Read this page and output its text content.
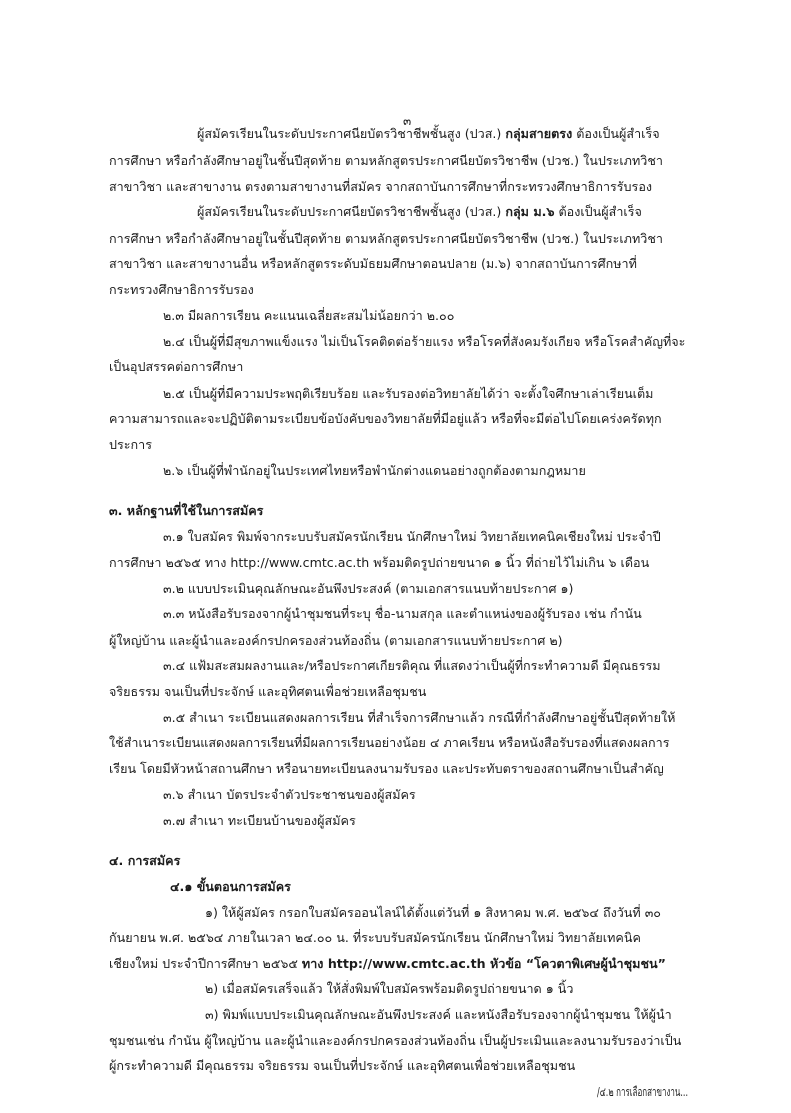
๓
ผู้สมัครเรียนในระดับประกาศนียบัตรวิชาชีพชั้นสูง (ปวส.) กลุ่มสายตรง ต้องเป็นผู้สำเร็จ
การศึกษา หรือกำลังศึกษาอยู่ในชั้นปีสุดท้าย ตามหลักสูตรประกาศนียบัตรวิชาชีพ (ปวช.) ในประเภทวิชา
สาขาวิชา และสาขางาน ตรงตามสาขางานที่สมัคร จากสถาบันการศึกษาที่กระทรวงศึกษาธิการรับรอง
ผู้สมัครเรียนในระดับประกาศนียบัตรวิชาชีพชั้นสูง (ปวส.) กลุ่ม ม.๖ ต้องเป็นผู้สำเร็จ
การศึกษา หรือกำลังศึกษาอยู่ในชั้นปีสุดท้าย ตามหลักสูตรประกาศนียบัตรวิชาชีพ (ปวช.) ในประเภทวิชา
สาขาวิชา และสาขางานอื่น หรือหลักสูตรระดับมัธยมศึกษาตอนปลาย (ม.๖) จากสถาบันการศึกษาที่
กระทรวงศึกษาธิการรับรอง
๒.๓ มีผลการเรียน คะแนนเฉลี่ยสะสมไม่น้อยกว่า ๒.๐๐
๒.๔ เป็นผู้ที่มีสุขภาพแข็งแรง ไม่เป็นโรคติดต่อร้ายแรง หรือโรคที่สังคมรังเกียจ หรือโรคสำคัญที่จะ
เป็นอุปสรรคต่อการศึกษา
๒.๕ เป็นผู้ที่มีความประพฤติเรียบร้อย และรับรองต่อวิทยาลัยได้ว่า จะตั้งใจศึกษาเล่าเรียนเต็ม
ความสามารถและจะปฏิบัติตามระเบียบข้อบังคับของวิทยาลัยที่มีอยู่แล้ว หรือที่จะมีต่อไปโดยเคร่งครัดทุก
ประการ
๒.๖ เป็นผู้ที่พำนักอยู่ในประเทศไทยหรือพำนักต่างแดนอย่างถูกต้องตามกฎหมาย
๓. หลักฐานที่ใช้ในการสมัคร
๓.๑ ใบสมัคร พิมพ์จากระบบรับสมัครนักเรียน นักศึกษาใหม่ วิทยาลัยเทคนิคเชียงใหม่ ประจำปี
การศึกษา ๒๕๖๕ ทาง http://www.cmtc.ac.th พร้อมติดรูปถ่ายขนาด ๑ นิ้ว ที่ถ่ายไว้ไม่เกิน ๖ เดือน
๓.๒ แบบประเมินคุณลักษณะอันพึงประสงค์ (ตามเอกสารแนบท้ายประกาศ ๑)
๓.๓ หนังสือรับรองจากผู้นำชุมชนที่ระบุ ชื่อ-นามสกุล และตำแหน่งของผู้รับรอง เช่น กำนัน
ผู้ใหญ่บ้าน และผู้นำและองค์กรปกครองส่วนท้องถิ่น (ตามเอกสารแนบท้ายประกาศ ๒)
๓.๔ แฟ้มสะสมผลงานและ/หรือประกาศเกียรติคุณ ที่แสดงว่าเป็นผู้ที่กระทำความดี มีคุณธรรม
จริยธรรม จนเป็นที่ประจักษ์ และอุทิศตนเพื่อช่วยเหลือชุมชน
๓.๕ สำเนา ระเบียนแสดงผลการเรียน ที่สำเร็จการศึกษาแล้ว กรณีที่กำลังศึกษาอยู่ชั้นปีสุดท้ายให้
ใช้สำเนาระเบียนแสดงผลการเรียนที่มีผลการเรียนอย่างน้อย ๔ ภาคเรียน หรือหนังสือรับรองที่แสดงผลการ
เรียน โดยมีหัวหน้าสถานศึกษา หรือนายทะเบียนลงนามรับรอง และประทับตราของสถานศึกษาเป็นสำคัญ
๓.๖ สำเนา บัตรประจำตัวประชาชนของผู้สมัคร
๓.๗ สำเนา ทะเบียนบ้านของผู้สมัคร
๔. การสมัคร
๔.๑ ขั้นตอนการสมัคร
๑) ให้ผู้สมัคร กรอกใบสมัครออนไลน์ได้ตั้งแต่วันที่ ๑ สิงหาคม พ.ศ. ๒๕๖๔ ถึงวันที่ ๓๐
กันยายน พ.ศ. ๒๕๖๔ ภายในเวลา ๒๔.๐๐ น. ที่ระบบรับสมัครนักเรียน นักศึกษาใหม่ วิทยาลัยเทคนิค
เชียงใหม่ ประจำปีการศึกษา ๒๕๖๕ ทาง http://www.cmtc.ac.th หัวข้อ “โควตาพิเศษผู้นำชุมชน”
๒) เมื่อสมัครเสร็จแล้ว ให้สั่งพิมพ์ใบสมัครพร้อมติดรูปถ่ายขนาด ๑ นิ้ว
๓) พิมพ์แบบประเมินคุณลักษณะอันพึงประสงค์ และหนังสือรับรองจากผู้นำชุมชน ให้ผู้นำ
ชุมชนเช่น กำนัน ผู้ใหญ่บ้าน และผู้นำและองค์กรปกครองส่วนท้องถิ่น เป็นผู้ประเมินและลงนามรับรองว่าเป็น
ผู้กระทำความดี มีคุณธรรม จริยธรรม จนเป็นที่ประจักษ์ และอุทิศตนเพื่อช่วยเหลือชุมชน
/๔.๒ การเลือกสาขางาน...
